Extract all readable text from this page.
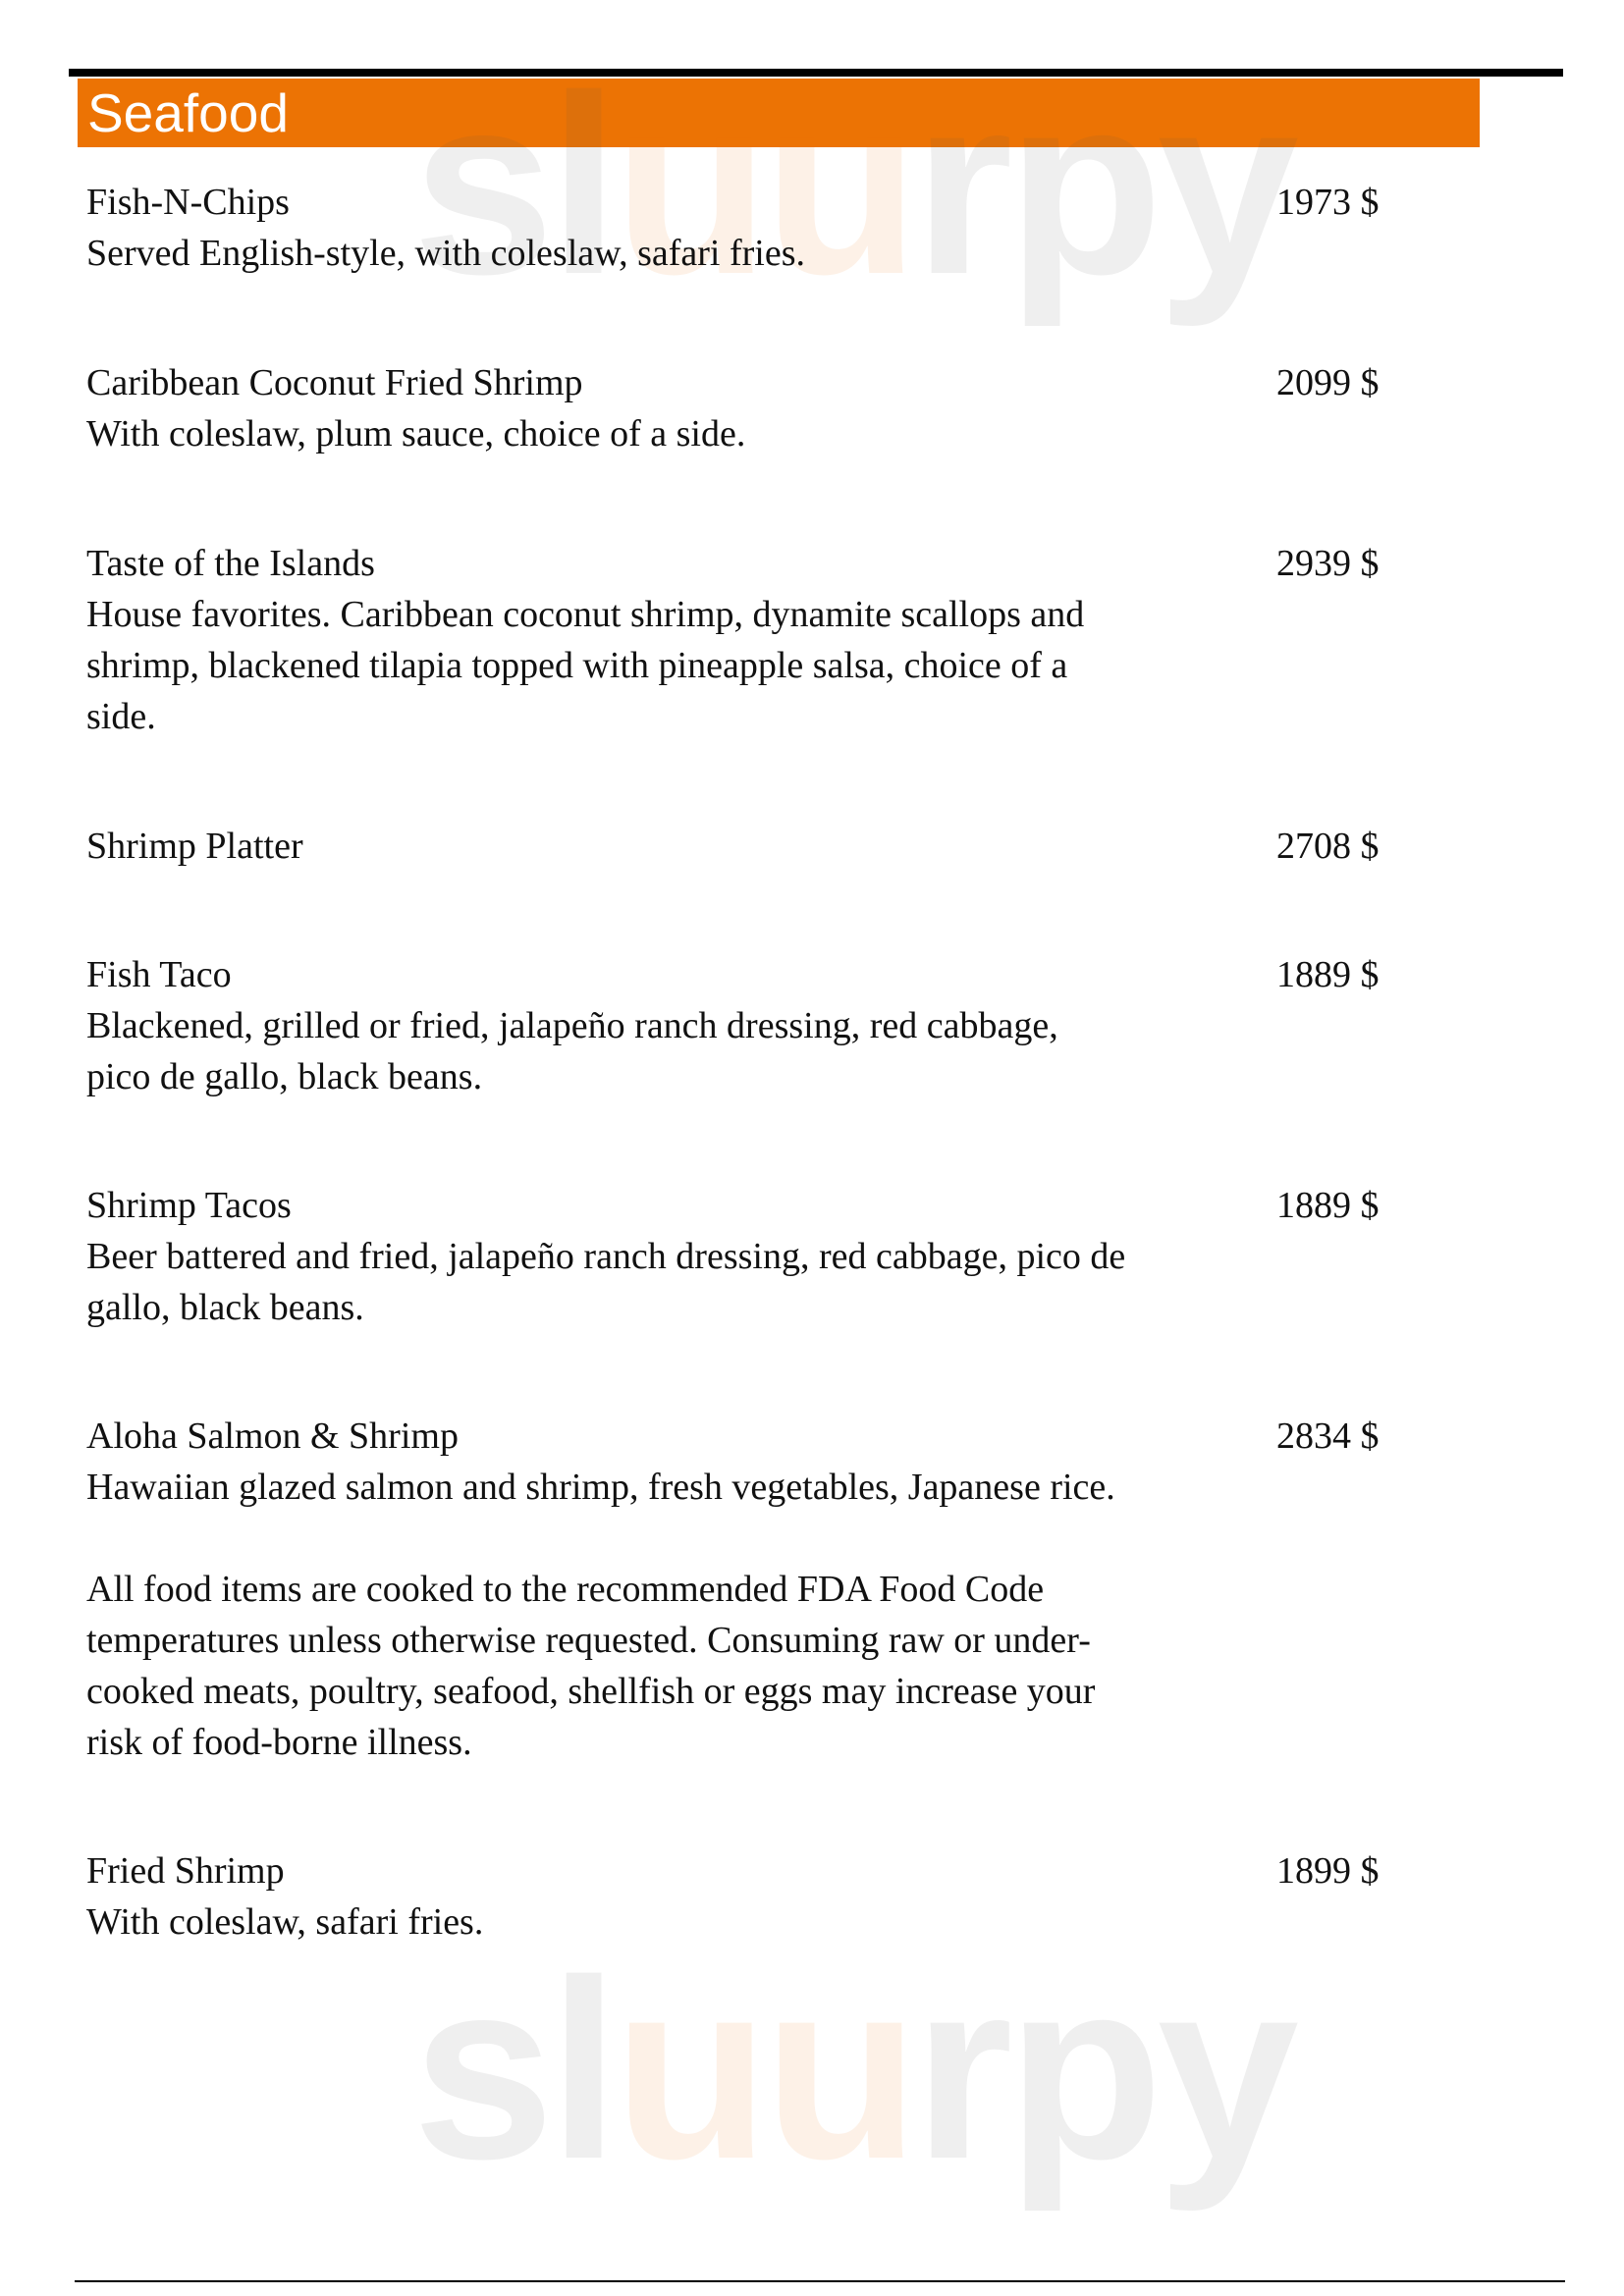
Seafood sluurpy
sluurpy
Fish-N-Chips	1973 $
Served English-style, with coleslaw, safari fries.
Caribbean Coconut Fried Shrimp	2099 $
With coleslaw, plum sauce, choice of a side.
Taste of the Islands	2939 $
House favorites. Caribbean coconut shrimp, dynamite scallops and
shrimp, blackened tilapia topped with pineapple salsa, choice of a
side.
Shrimp Platter	2708 $
Fish Taco	1889 $
Blackened, grilled or fried, jalapeño ranch dressing, red cabbage,
pico de gallo, black beans.
Shrimp Tacos	1889 $
Beer battered and fried, jalapeño ranch dressing, red cabbage, pico de
gallo, black beans.
Aloha Salmon & Shrimp	2834 $
Hawaiian glazed salmon and shrimp, fresh vegetables, Japanese rice.
All food items are cooked to the recommended FDA Food Code
temperatures unless otherwise requested. Consuming raw or under-
cooked meats, poultry, seafood, shellfish or eggs may increase your
risk of food-borne illness.
Fried Shrimp	1899 $
With coleslaw, safari fries.
